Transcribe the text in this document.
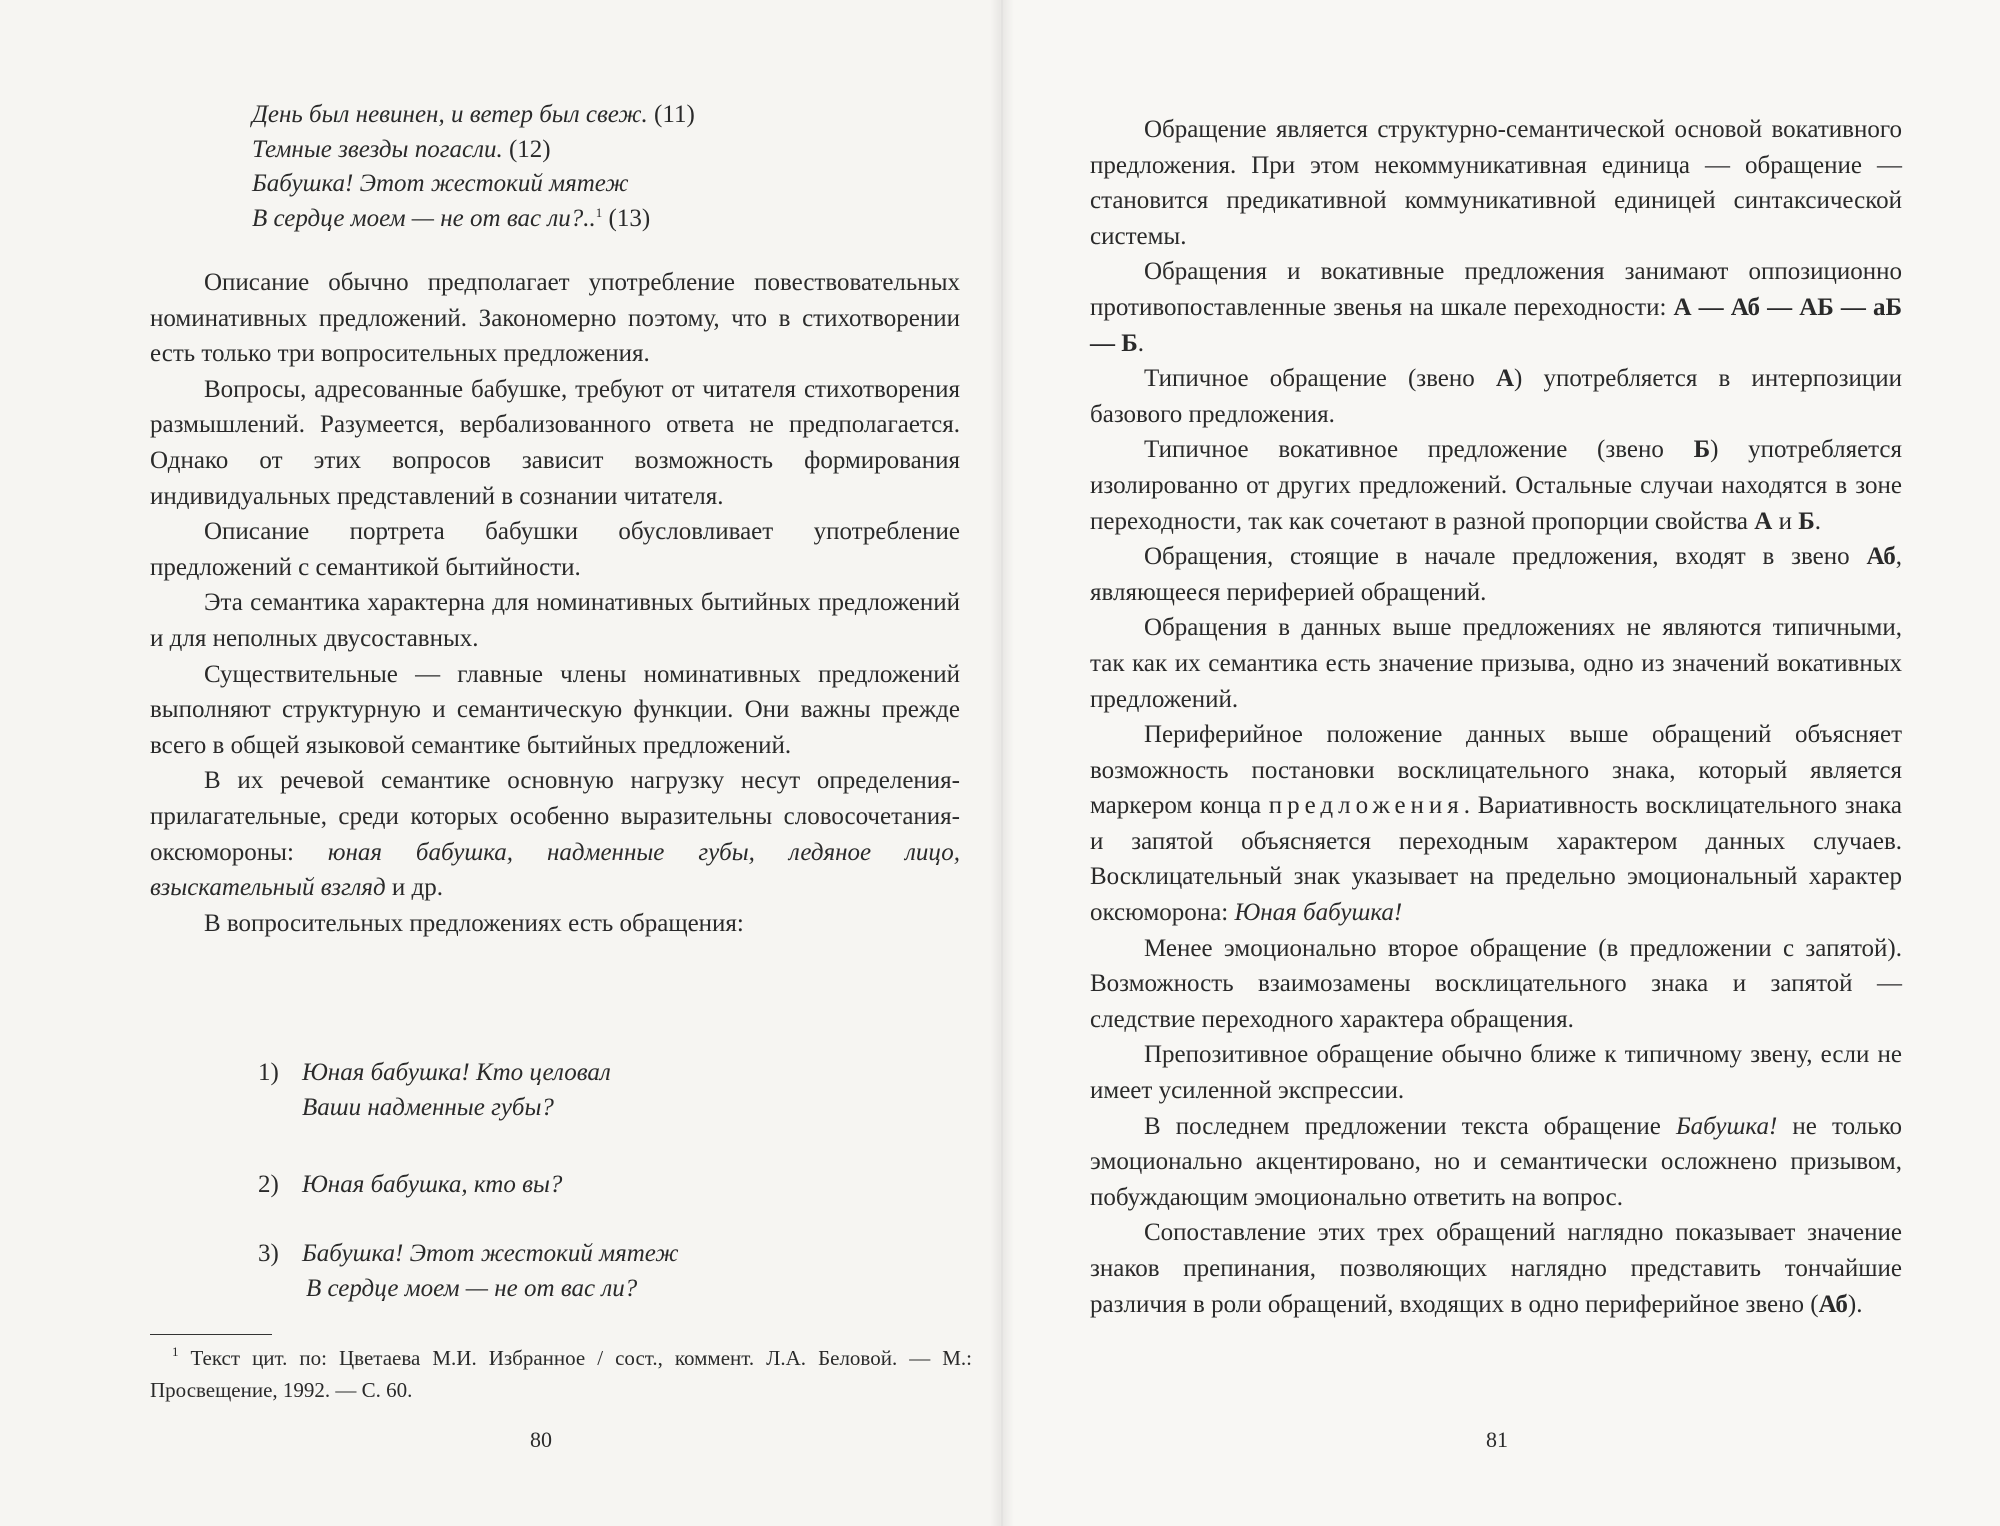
День был невинен, и ветер был свеж. (11)
Темные звезды погасли. (12)
Бабушка! Этот жестокий мятеж
В сердце моем — не от вас ли?..$^1$ (13)

Описание обычно предполагает употребление повествовательных номинативных предложений. Закономерно поэтому, что в стихотворении есть только три вопросительных предложения.

Вопросы, адресованные бабушке, требуют от читателя стихотворения размышлений. Разумеется, вербализованного ответа не предполагается. Однако от этих вопросов зависит возможность формирования индивидуальных представлений в сознании читателя.

Описание портрета бабушки обусловливает употребление предложений с семантикой бытийности.

Эта семантика характерна для номинативных бытийных предложений и для неполных двусоставных.

Существительные — главные члены номинативных предложений выполняют структурную и семантическую функции. Они важны прежде всего в общей языковой семантике бытийных предложений.

В их речевой семантике основную нагрузку несут определения-прилагательные, среди которых особенно выразительны словосочетания-оксюмороны: юная бабушка, надменные губы, ледяное лицо, взыскательный взгляд и др.

В вопросительных предложениях есть обращения:

1) Юная бабушка! Кто целовал
Ваши надменные губы?
2) Юная бабушка, кто вы?
3) Бабушка! Этот жестокий мятеж
В сердце моем — не от вас ли?
$^1$ Текст цит. по: Цветаева М.И. Избранное / сост., коммент. Л.А. Беловой. — М.: Просвещение, 1992. — С. 60.
80

Обращение является структурно-семантической основой вокативного предложения. При этом некоммуникативная единица — обращение — становится предикативной коммуникативной единицей синтаксической системы.

Обращения и вокативные предложения занимают оппозиционно противопоставленные звенья на шкале переходности: А — Аб — АБ — аБ — Б.

Типичное обращение (звено А) употребляется в интерпозиции базового предложения.

Типичное вокативное предложение (звено Б) употребляется изолированно от других предложений. Остальные случаи находятся в зоне переходности, так как сочетают в разной пропорции свойства А и Б.

Обращения, стоящие в начале предложения, входят в звено Аб, являющееся периферией обращений.

Обращения в данных выше предложениях не являются типичными, так как их семантика есть значение призыва, одно из значений вокативных предложений.

Периферийное положение данных выше обращений объясняет возможность постановки восклицательного знака, который является маркером конца предложения. Вариативность восклицательного знака и запятой объясняется переходным характером данных случаев. Восклицательный знак указывает на предельно эмоциональный характер оксюморона: Юная бабушка!

Менее эмоционально второе обращение (в предложении с запятой). Возможность взаимозамены восклицательного знака и запятой — следствие переходного характера обращения.

Препозитивное обращение обычно ближе к типичному звену, если не имеет усиленной экспрессии.

В последнем предложении текста обращение Бабушка! не только эмоционально акцентировано, но и семантически осложнено призывом, побуждающим эмоционально ответить на вопрос.

Сопоставление этих трех обращений наглядно показывает значение знаков препинания, позволяющих наглядно представить тончайшие различия в роли обращений, входящих в одно периферийное звено (Аб).

81
